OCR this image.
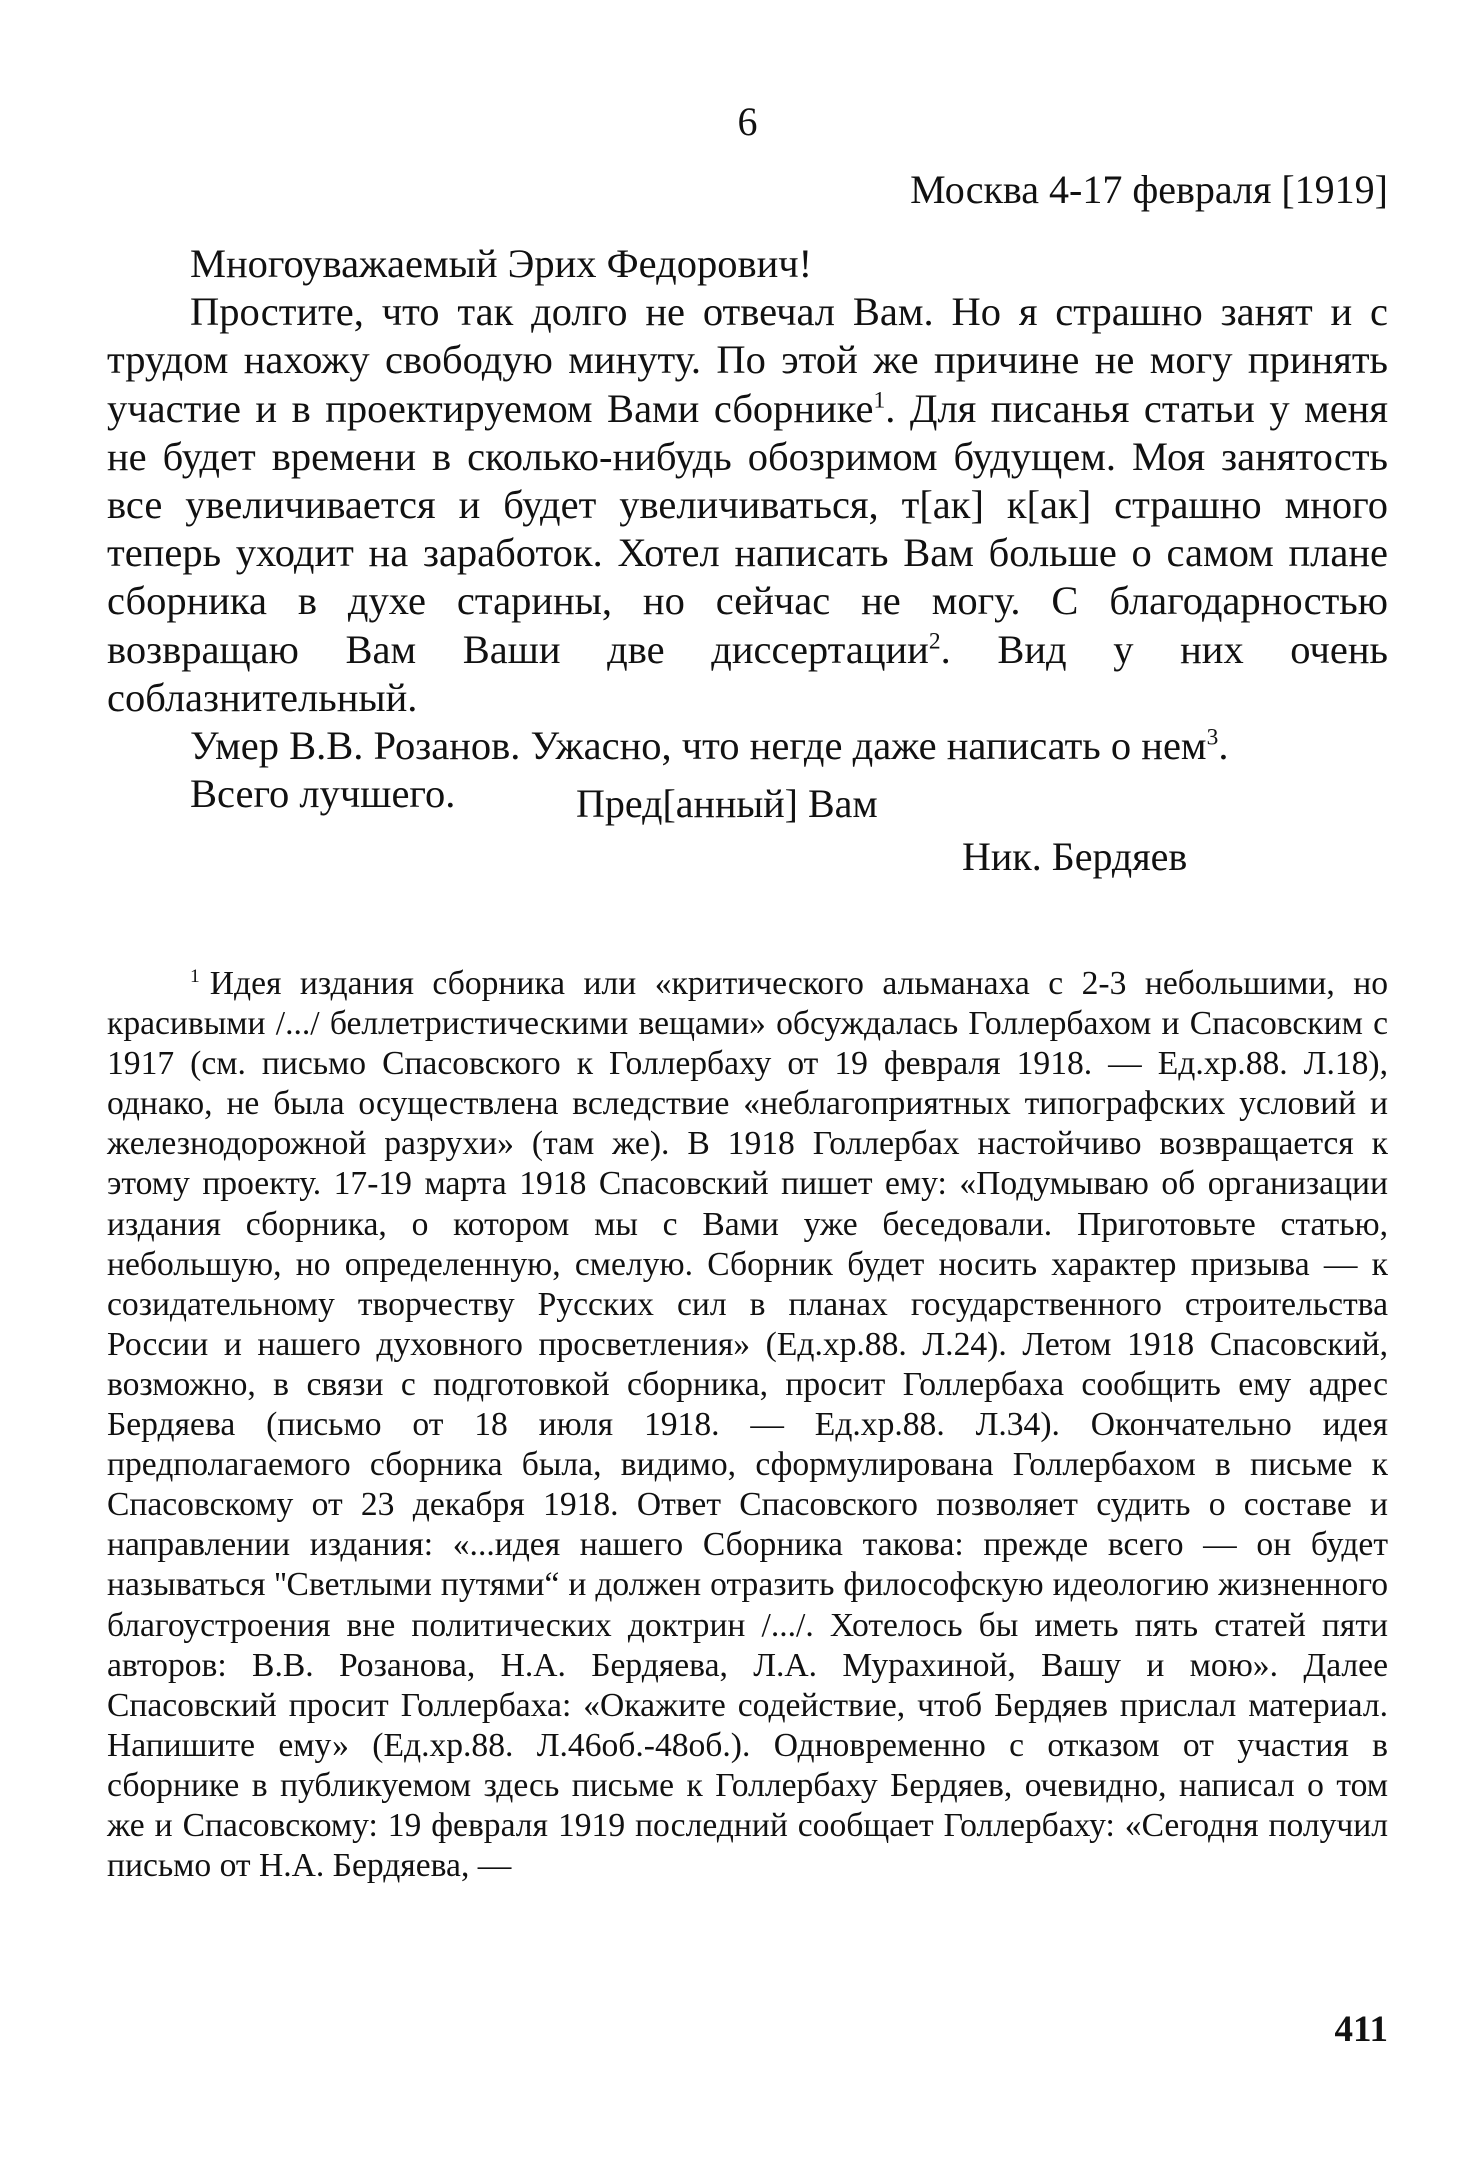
6
Москва 4-17 февраля [1919]

Многоуважаемый Эрих Федорович!

Простите, что так долго не отвечал Вам. Но я страшно занят и с трудом нахожу свободую минуту. По этой же причине не могу принять участие и в проектируемом Вами сборнике$^1$. Для писанья статьи у меня не будет времени в сколько-нибудь обозримом будущем. Моя занятость все увеличивается и будет увеличиваться, т[ак] к[ак] страшно много теперь уходит на заработок. Хотел написать Вам больше о самом плане сборника в духе старины, но сейчас не могу. С благодарностью возвращаю Вам Ваши две диссертации$^2$. Вид у них очень соблазнительный.

Умер В.В. Розанов. Ужасно, что негде даже написать о нем$^3$.

Всего лучшего.	Пред[анный] Вам
Ник. Бердяев

$^1$ Идея издания сборника или «критического альманаха с 2-3 небольшими, но красивыми /.../ беллетристическими вещами» обсуждалась Голлербахом и Спасовским с 1917 (см. письмо Спасовского к Голлербаху от 19 февраля 1918. — Ед.хр.88. Л.18), однако, не была осуществлена вследствие «неблагоприятных типографских условий и железнодорожной разрухи» (там же). В 1918 Голлербах настойчиво возвращается к этому проекту. 17-19 марта 1918 Спасовский пишет ему: «Подумываю об организации издания сборника, о котором мы с Вами уже беседовали. Приготовьте статью, небольшую, но определенную, смелую. Сборник будет носить характер призыва — к созидательному творчеству Русских сил в планах государственного строительства России и нашего духовного просветления» (Ед.хр.88. Л.24). Летом 1918 Спасовский, возможно, в связи с подготовкой сборника, просит Голлербаха сообщить ему адрес Бердяева (письмо от 18 июля 1918. — Ед.хр.88. Л.34). Окончательно идея предполагаемого сборника была, видимо, сформулирована Голлербахом в письме к Спасовскому от 23 декабря 1918. Ответ Спасовского позволяет судить о составе и направлении издания: «...идея нашего Сборника такова: прежде всего — он будет называться ''Светлыми путями“ и должен отразить философскую идеологию жизненного благоустроения вне политических доктрин /.../. Хотелось бы иметь пять статей пяти авторов: В.В. Розанова, Н.А. Бердяева, Л.А. Мурахиной, Вашу и мою». Далее Спасовский просит Голлербаха: «Окажите содействие, чтоб Бердяев прислал материал. Напишите ему» (Ед.хр.88. Л.46об.-48об.). Одновременно с отказом от участия в сборнике в публикуемом здесь письме к Голлербаху Бердяев, очевидно, написал о том же и Спасовскому: 19 февраля 1919 последний сообщает Голлербаху: «Сегодня получил письмо от Н.А. Бердяева, —

411
